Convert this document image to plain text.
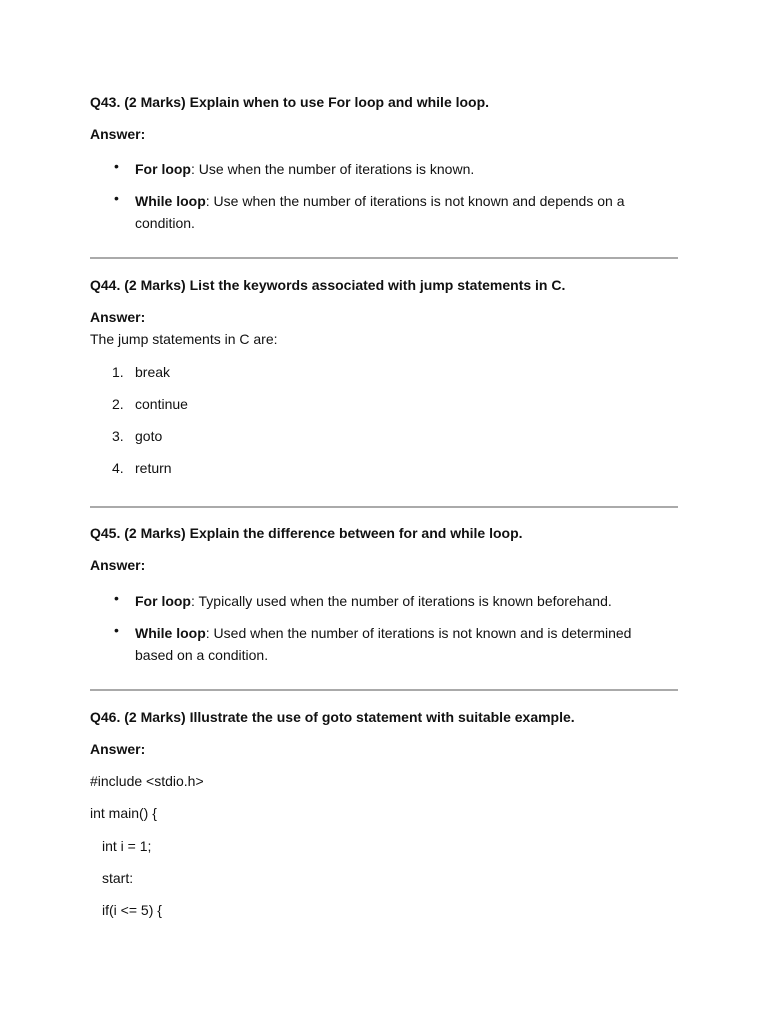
Q43. (2 Marks) Explain when to use For loop and while loop.
Answer:
• For loop: Use when the number of iterations is known.
• While loop: Use when the number of iterations is not known and depends on a condition.
Q44. (2 Marks) List the keywords associated with jump statements in C.
Answer:
The jump statements in C are:
1. break
2. continue
3. goto
4. return
Q45. (2 Marks) Explain the difference between for and while loop.
Answer:
• For loop: Typically used when the number of iterations is known beforehand.
• While loop: Used when the number of iterations is not known and is determined based on a condition.
Q46. (2 Marks) Illustrate the use of goto statement with suitable example.
Answer:
#include <stdio.h>
int main() {
int i = 1;
start:
if(i <= 5) {
